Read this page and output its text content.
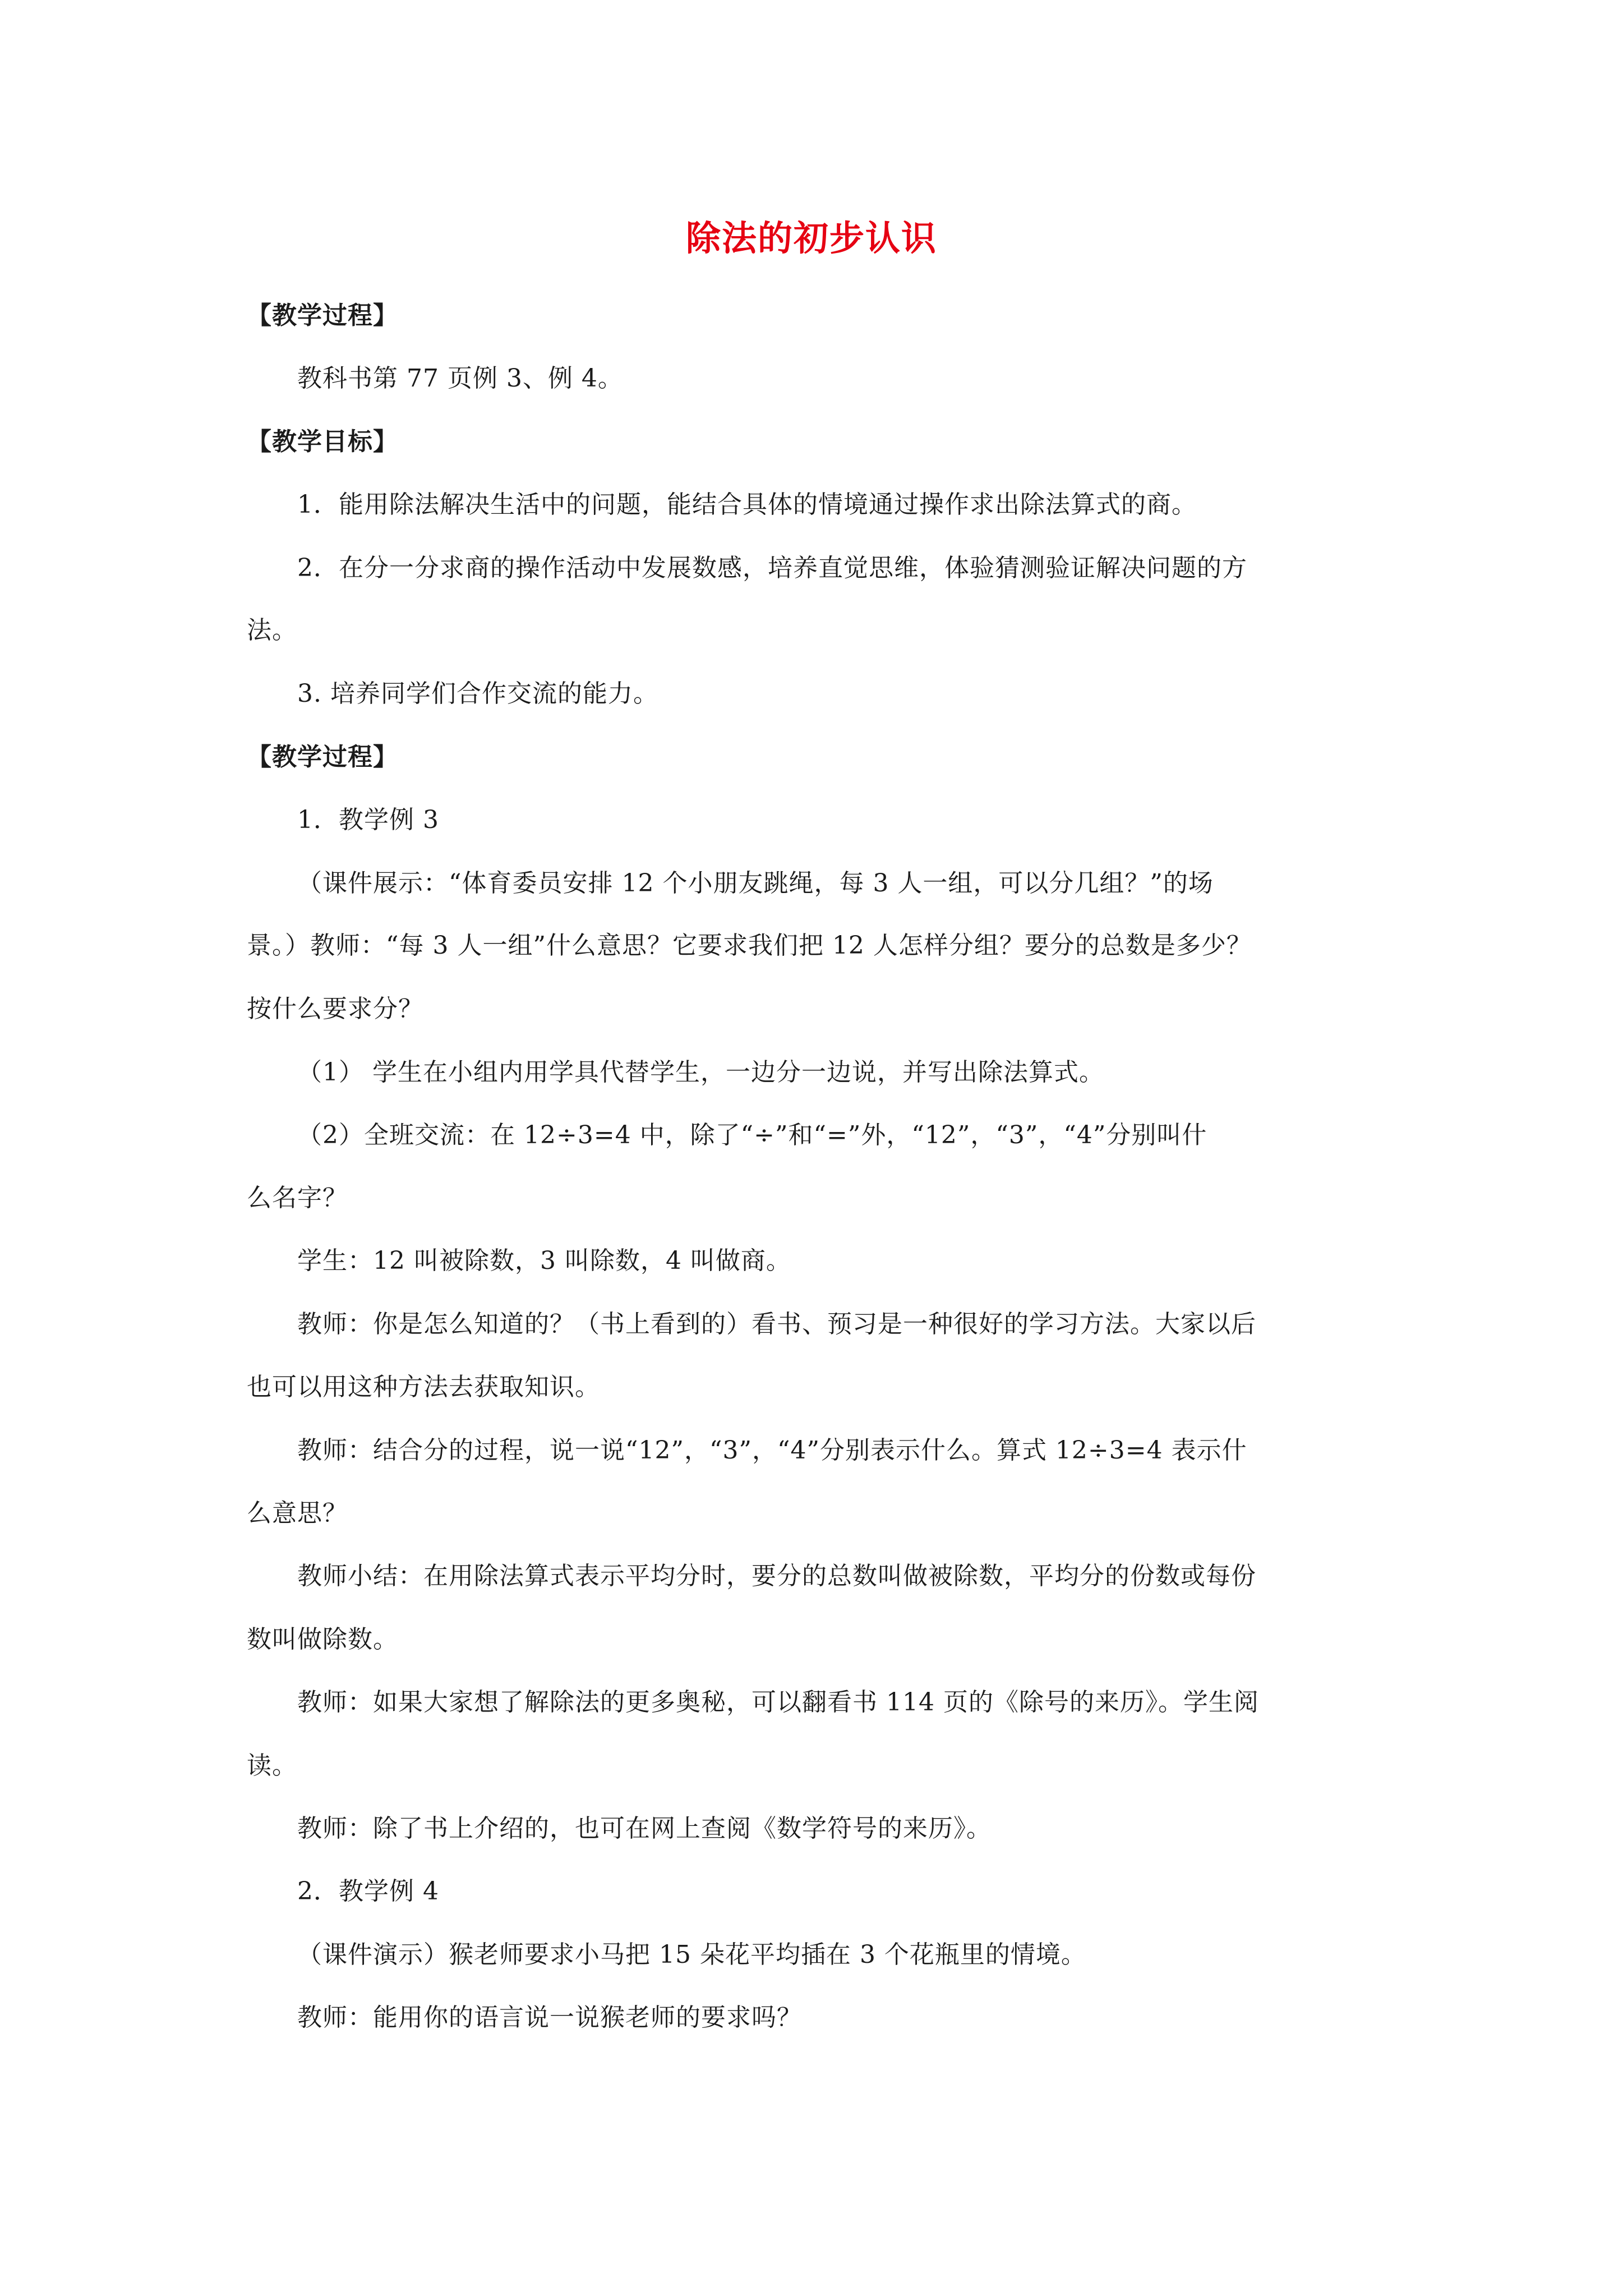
除法的初步认识
【教学过程】
教科书第 77 页例 3、例 4。
【教学目标】
1．能用除法解决生活中的问题，能结合具体的情境通过操作求出除法算式的商。
2．在分一分求商的操作活动中发展数感，培养直觉思维，体验猜测验证解决问题的方
法。
3. 培养同学们合作交流的能力。
【教学过程】
1．教学例 3
（课件展示：“体育委员安排 12 个小朋友跳绳，每 3 人一组，可以分几组？”的场
景。）教师：“每 3 人一组”什么意思？它要求我们把 12 人怎样分组？要分的总数是多少？
按什么要求分？
（1） 学生在小组内用学具代替学生，一边分一边说，并写出除法算式。
（2）全班交流：在 12÷3=4 中，除了“÷”和“=”外，“12”，“3”，“4”分别叫什
么名字？
学生：12 叫被除数，3 叫除数，4 叫做商。
教师：你是怎么知道的？（书上看到的）看书、预习是一种很好的学习方法。大家以后
也可以用这种方法去获取知识。
教师：结合分的过程，说一说“12”，“3”，“4”分别表示什么。算式 12÷3=4 表示什
么意思？
教师小结：在用除法算式表示平均分时，要分的总数叫做被除数，平均分的份数或每份
数叫做除数。
教师：如果大家想了解除法的更多奥秘，可以翻看书 114 页的《除号的来历》。学生阅
读。
教师：除了书上介绍的，也可在网上查阅《数学符号的来历》。
2．教学例 4
（课件演示）猴老师要求小马把 15 朵花平均插在 3 个花瓶里的情境。
教师：能用你的语言说一说猴老师的要求吗？
